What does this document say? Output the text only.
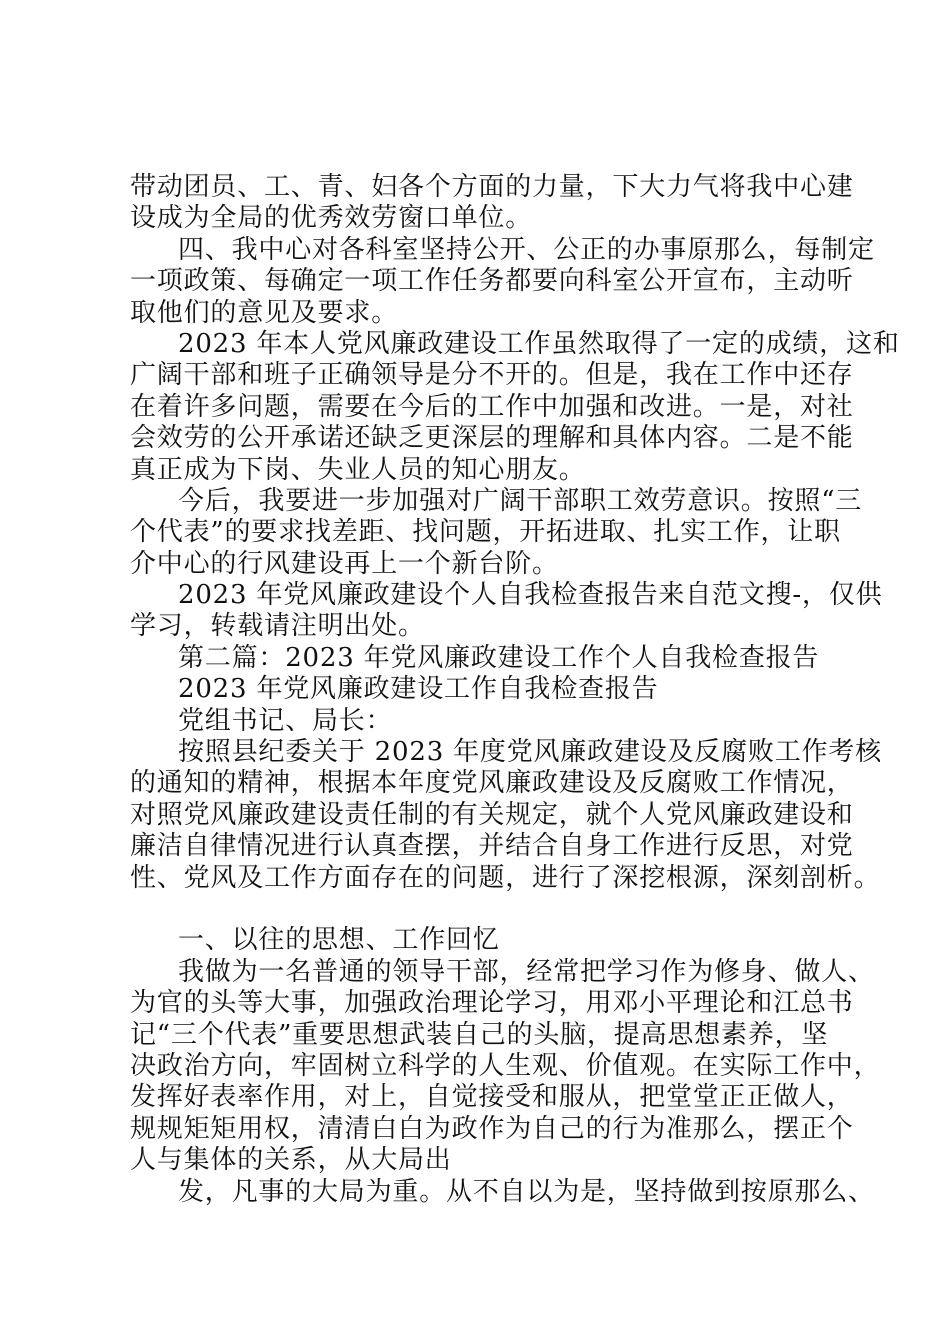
带动团员、工、青、妇各个方面的力量，下大力气将我中心建
设成为全局的优秀效劳窗口单位。
四、我中心对各科室坚持公开、公正的办事原那么，每制定
一项政策、每确定一项工作任务都要向科室公开宣布，主动听
取他们的意见及要求。
2023 年本人党风廉政建设工作虽然取得了一定的成绩，这和
广阔干部和班子正确领导是分不开的。但是，我在工作中还存
在着许多问题，需要在今后的工作中加强和改进。一是，对社
会效劳的公开承诺还缺乏更深层的理解和具体内容。二是不能
真正成为下岗、失业人员的知心朋友。
今后，我要进一步加强对广阔干部职工效劳意识。按照“三
个代表”的要求找差距、找问题，开拓进取、扎实工作，让职
介中心的行风建设再上一个新台阶。
2023 年党风廉政建设个人自我检查报告来自范文搜-，仅供
学习，转载请注明出处。
第二篇：2023 年党风廉政建设工作个人自我检查报告
2023 年党风廉政建设工作自我检查报告
党组书记、局长：
按照县纪委关于 2023 年度党风廉政建设及反腐败工作考核
的通知的精神，根据本年度党风廉政建设及反腐败工作情况，
对照党风廉政建设责任制的有关规定，就个人党风廉政建设和
廉洁自律情况进行认真查摆，并结合自身工作进行反思，对党
性、党风及工作方面存在的问题，进行了深挖根源，深刻剖析。
一、以往的思想、工作回忆
我做为一名普通的领导干部，经常把学习作为修身、做人、
为官的头等大事，加强政治理论学习，用邓小平理论和江总书
记“三个代表”重要思想武装自己的头脑，提高思想素养，坚
决政治方向，牢固树立科学的人生观、价值观。在实际工作中，
发挥好表率作用，对上，自觉接受和服从，把堂堂正正做人，
规规矩矩用权，清清白白为政作为自己的行为准那么，摆正个
人与集体的关系，从大局出
发，凡事的大局为重。从不自以为是，坚持做到按原那么、
